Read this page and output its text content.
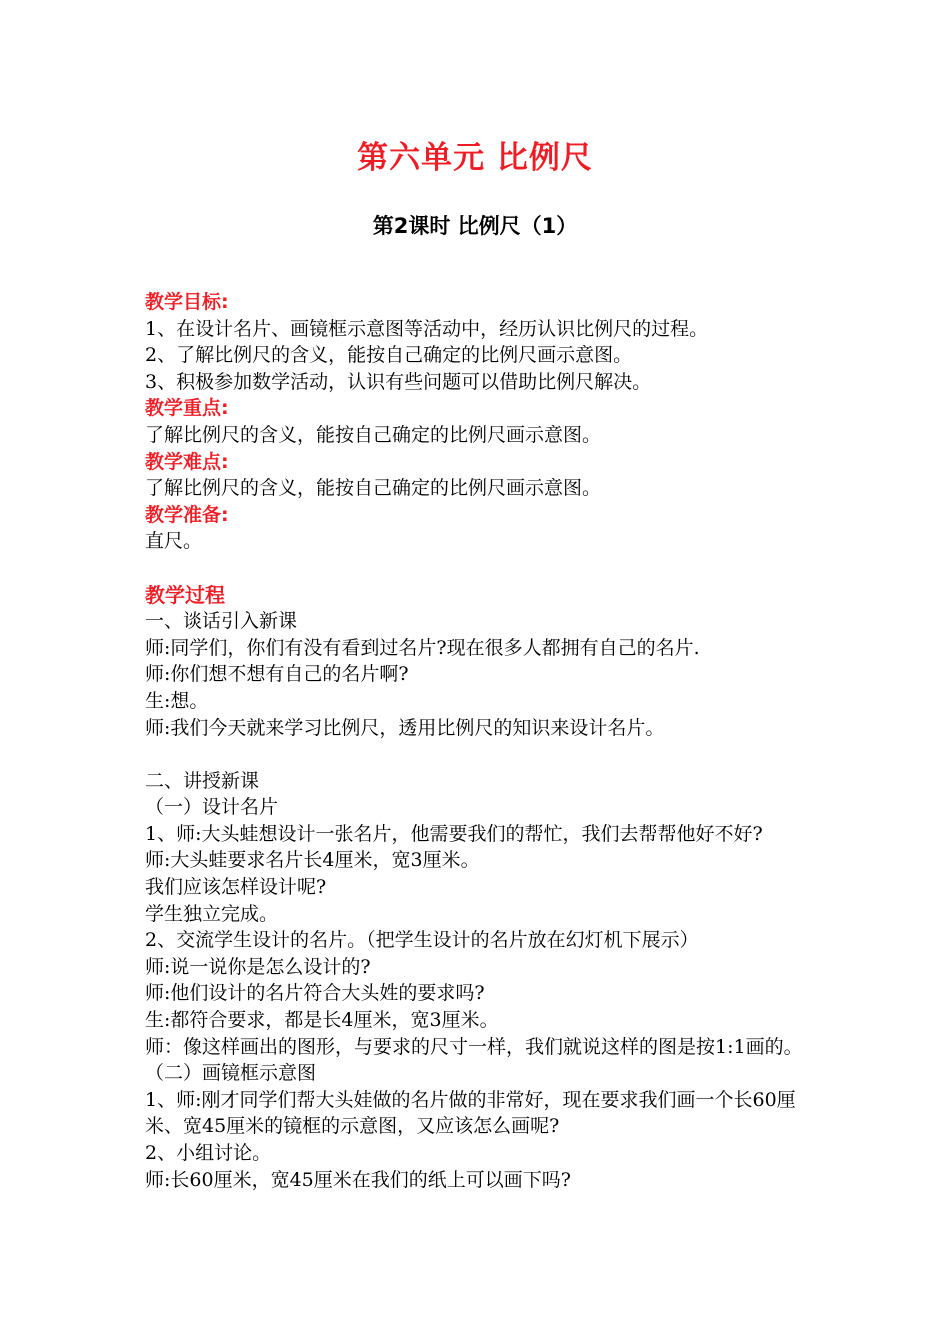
第六单元 比例尺
第2课时 比例尺（1）
教学目标:
1、在设计名片、画镜框示意图等活动中，经历认识比例尺的过程。
2、了解比例尺的含义，能按自己确定的比例尺画示意图。
3、积极参加数学活动，认识有些问题可以借助比例尺解决。
教学重点:
了解比例尺的含义，能按自己确定的比例尺画示意图。
教学难点:
了解比例尺的含义，能按自己确定的比例尺画示意图。
教学准备:
直尺。
教学过程
一、谈话引入新课
师:同学们，你们有没有看到过名片?现在很多人都拥有自己的名片.
师:你们想不想有自己的名片啊?
生:想。
师:我们今天就来学习比例尺，透用比例尺的知识来设计名片。
二、讲授新课
（一）设计名片
1、师:大头蛙想设计一张名片，他需要我们的帮忙，我们去帮帮他好不好?
师:大头蛙要求名片长4厘米，宽3厘米。
我们应该怎样设计呢?
学生独立完成。
2、交流学生设计的名片。（把学生设计的名片放在幻灯机下展示）
师:说一说你是怎么设计的?
师:他们设计的名片符合大头姓的要求吗?
生:都符合要求，都是长4厘米，宽3厘米。
师：像这样画出的图形，与要求的尺寸一样，我们就说这样的图是按1:1画的。
（二）画镜框示意图
1、师:刚才同学们帮大头娃做的名片做的非常好，现在要求我们画一个长60厘米、宽45厘米的镜框的示意图，又应该怎么画呢?
2、小组讨论。
师:长60厘米，宽45厘米在我们的纸上可以画下吗?
